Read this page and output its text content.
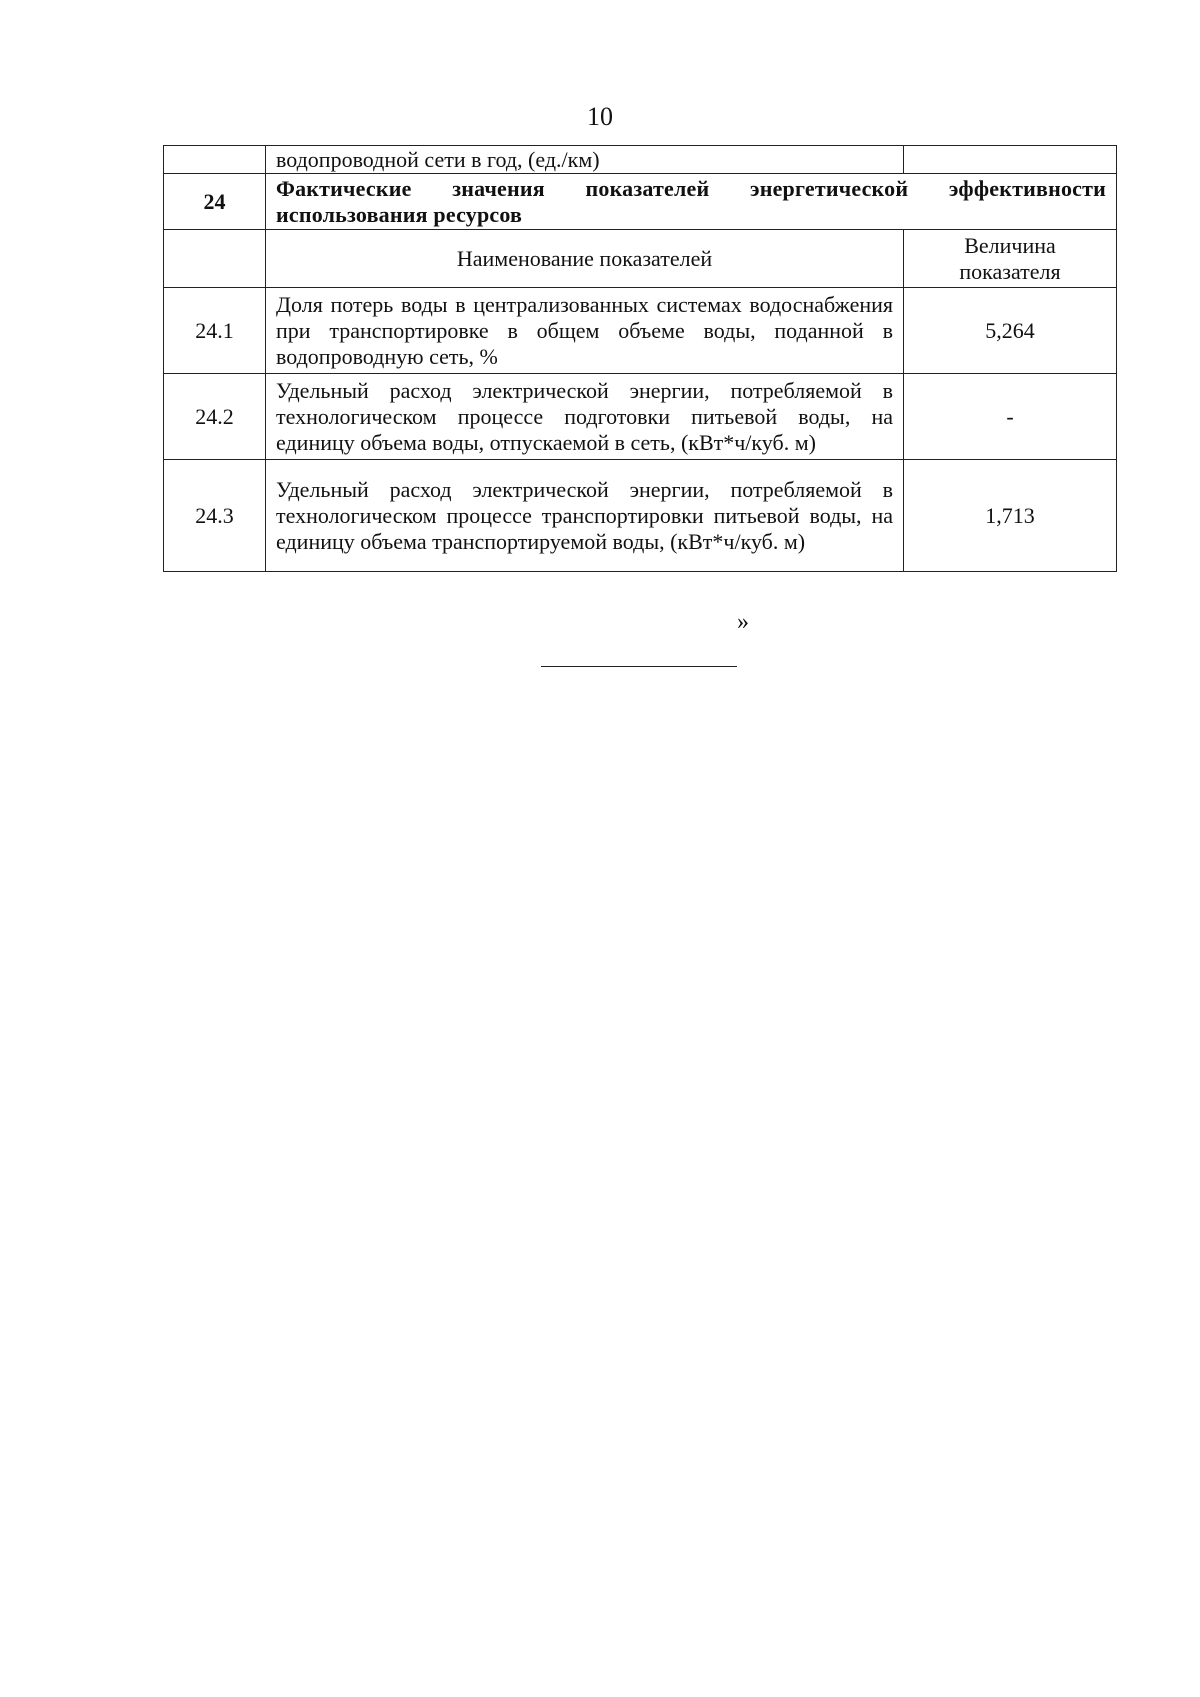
10
	водопроводной сети в год, (ед./км)	
24	Фактические значения показателей энергетической эффективности использования ресурсов	
	Наименование показателей	Величина показателя
24.1	Доля потерь воды в централизованных системах водоснабжения при транспортировке в общем объеме воды, поданной в водопроводную сеть, %	5,264
24.2	Удельный расход электрической энергии, потребляемой в технологическом процессе подготовки питьевой воды, на единицу объема воды, отпускаемой в сеть, (кВт*ч/куб. м)	-
24.3	Удельный расход электрической энергии, потребляемой в технологическом процессе транспортировки питьевой воды, на единицу объема транспортируемой воды, (кВт*ч/куб. м)	1,713
»
